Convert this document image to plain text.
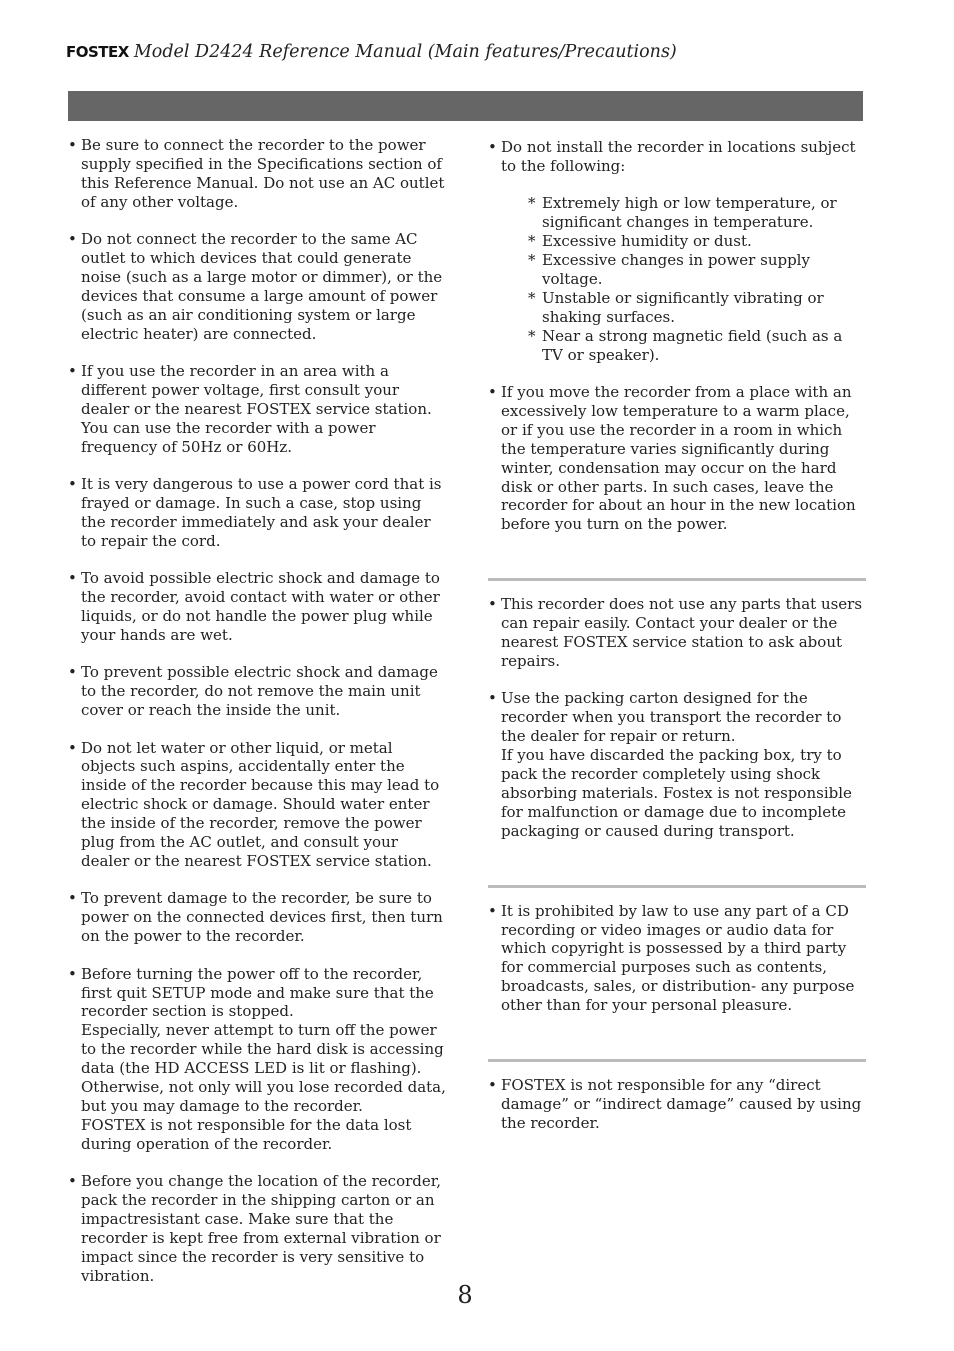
FOSTEX Model D2424 Reference Manual (Main features/Precautions)
• Be sure to connect the recorder to the power supply specified in the Specifications section of this Reference Manual. Do not use an AC outlet of any other voltage.

• Do not connect the recorder to the same AC outlet to which devices that could generate noise (such as a large motor or dimmer), or the devices that consume a large amount of power (such as an air conditioning system or large electric heater) are connected.

• If you use the recorder in an area with a different power voltage, first consult your dealer or the nearest FOSTEX service station. You can use the recorder with a power frequency of 50Hz or 60Hz.

• It is very dangerous to use a power cord that is frayed or damage. In such a case, stop using the recorder immediately and ask your dealer to repair the cord.

• To avoid possible electric shock and damage to the recorder, avoid contact with water or other liquids, or do not handle the power plug while your hands are wet.

• To prevent possible electric shock and damage to the recorder, do not remove the main unit cover or reach the inside the unit.

• Do not let water or other liquid, or metal objects such aspins, accidentally enter the inside of the recorder because this may lead to electric shock or damage. Should water enter the inside of the recorder, remove the power plug from the AC outlet, and consult your dealer or the nearest FOSTEX service station.

• To prevent damage to the recorder, be sure to power on the connected devices first, then turn on the power to the recorder.

• Before turning the power off to the recorder, first quit SETUP mode and make sure that the recorder section is stopped.

Especially, never attempt to turn off the power to the recorder while the hard disk is accessing data (the HD ACCESS LED is lit or flashing). Otherwise, not only will you lose recorded data, but you may damage to the recorder.

FOSTEX is not responsible for the data lost during operation of the recorder.

• Before you change the location of the recorder, pack the recorder in the shipping carton or an impactresistant case. Make sure that the recorder is kept free from external vibration or impact since the recorder is very sensitive to vibration.

• Do not install the recorder in locations subject to the following:

* Extremely high or low temperature, or significant changes in temperature.
* Excessive humidity or dust.
* Excessive changes in power supply voltage.
* Unstable or significantly vibrating or shaking surfaces.
* Near a strong magnetic field (such as a TV or speaker).
• If you move the recorder from a place with an excessively low temperature to a warm place, or if you use the recorder in a room in which the temperature varies significantly during winter, condensation may occur on the hard disk or other parts. In such cases, leave the recorder for about an hour in the new location before you turn on the power.

• This recorder does not use any parts that users can repair easily. Contact your dealer or the nearest FOSTEX service station to ask about repairs.

• Use the packing carton designed for the recorder when you transport the recorder to the dealer for repair or return.

If you have discarded the packing box, try to pack the recorder completely using shock absorbing materials. Fostex is not responsible for malfunction or damage due to incomplete packaging or caused during transport.

• It is prohibited by law to use any part of a CD recording or video images or audio data for which copyright is possessed by a third party for commercial purposes such as contents, broadcasts, sales, or distribution- any purpose other than for your personal pleasure.

• FOSTEX is not responsible for any “direct damage” or “indirect damage” caused by using the recorder.

8
